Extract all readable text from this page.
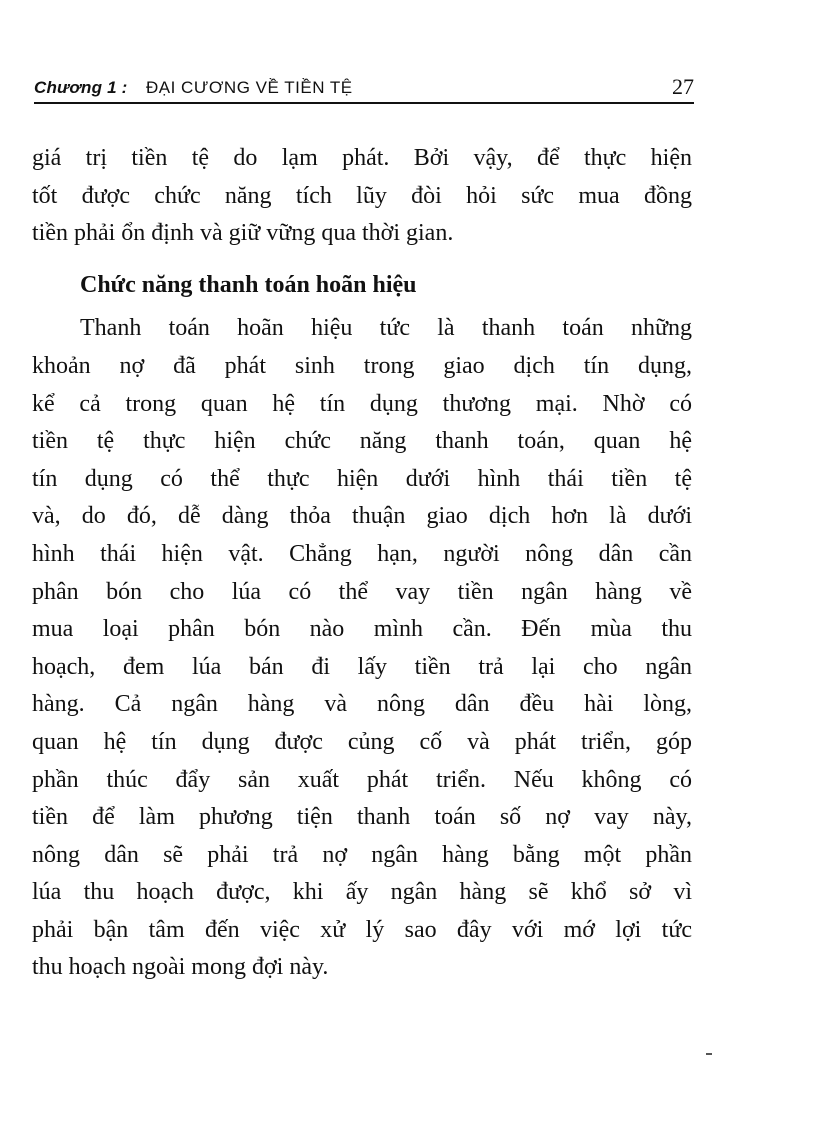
Chương 1 : ĐẠI CƯƠNG VỀ TIỀN TỆ	27
giá trị tiền tệ do lạm phát. Bởi vậy, để thực hiện
tốt được chức năng tích lũy đòi hỏi sức mua đồng
tiền phải ổn định và giữ vững qua thời gian.
Chức năng thanh toán hoãn hiệu
Thanh toán hoãn hiệu tức là thanh toán những
khoản nợ đã phát sinh trong giao dịch tín dụng,
kể cả trong quan hệ tín dụng thương mại. Nhờ có
tiền tệ thực hiện chức năng thanh toán, quan hệ
tín dụng có thể thực hiện dưới hình thái tiền tệ
và, do đó, dễ dàng thỏa thuận giao dịch hơn là dưới
hình thái hiện vật. Chẳng hạn, người nông dân cần
phân bón cho lúa có thể vay tiền ngân hàng về
mua loại phân bón nào mình cần. Đến mùa thu
hoạch, đem lúa bán đi lấy tiền trả lại cho ngân
hàng. Cả ngân hàng và nông dân đều hài lòng,
quan hệ tín dụng được củng cố và phát triển, góp
phần thúc đẩy sản xuất phát triển. Nếu không có
tiền để làm phương tiện thanh toán số nợ vay này,
nông dân sẽ phải trả nợ ngân hàng bằng một phần
lúa thu hoạch được, khi ấy ngân hàng sẽ khổ sở vì
phải bận tâm đến việc xử lý sao đây với mớ lợi tức
thu hoạch ngoài mong đợi này.
